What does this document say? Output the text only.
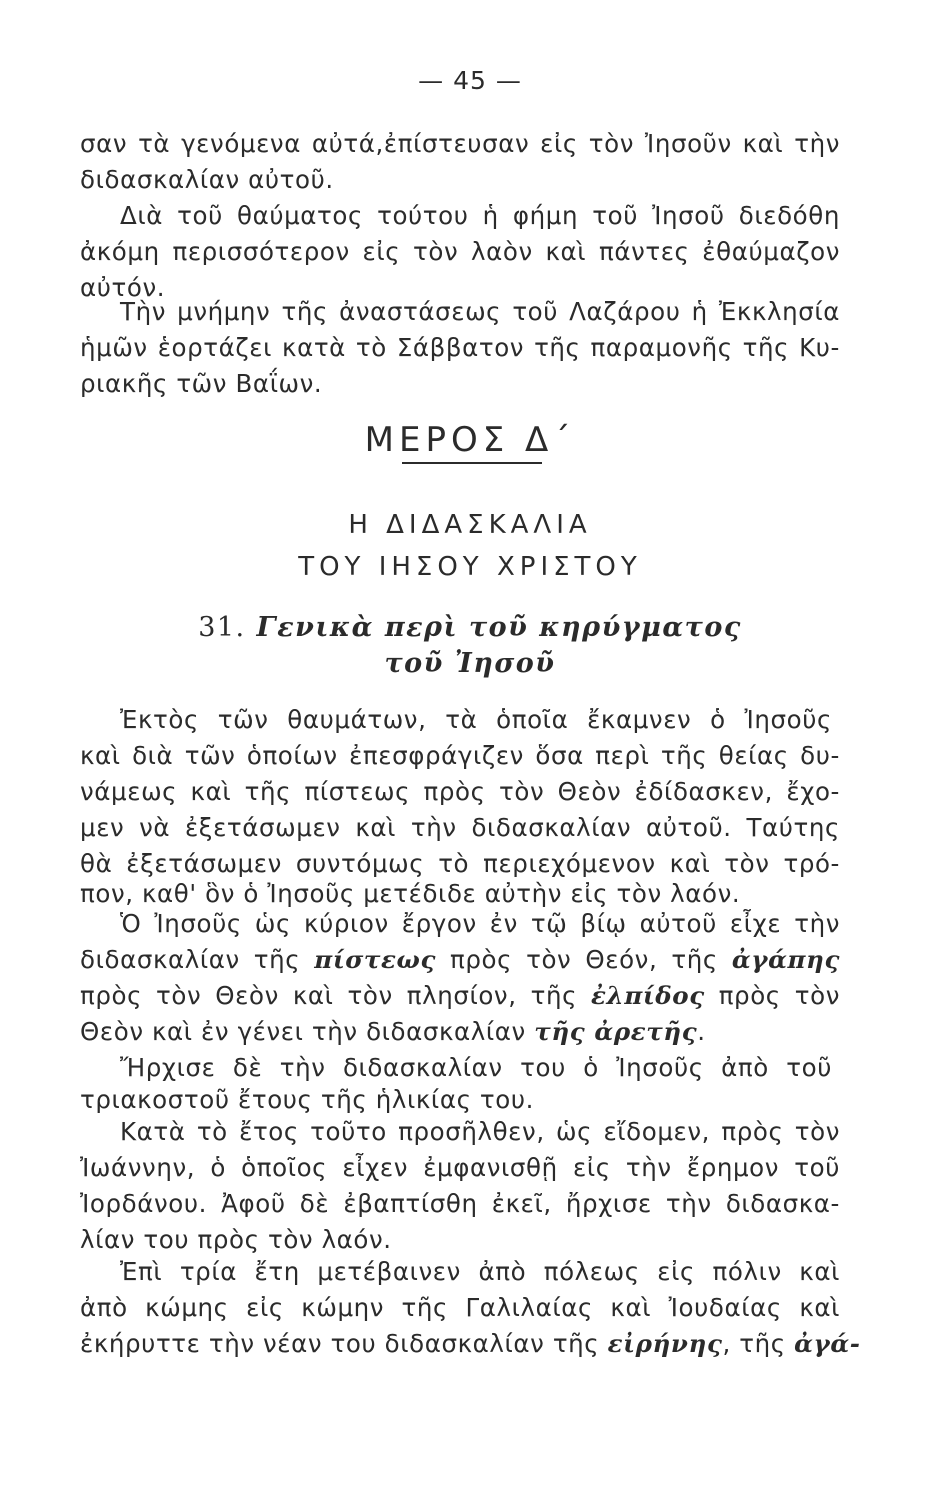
— 45 —
σαν τὰ γενόμενα αὐτά,ἐπίστευσαν εἰς τὸν Ἰησοῦν καὶ τὴν
διδασκαλίαν αὐτοῦ.
Διὰ τοῦ θαύματος τούτου ἡ φήμη τοῦ Ἰησοῦ διεδόθη
ἀκόμη περισσότερον εἰς τὸν λαὸν καὶ πάντες ἐθαύμαζον
αὐτόν.
Τὴν μνήμην τῆς ἀναστάσεως τοῦ Λαζάρου ἡ Ἐκκλησία
ἡμῶν ἑορτάζει κατὰ τὸ Σάββατον τῆς παραμονῆς τῆς Κυ-
ριακῆς τῶν Βαΐων.
ΜΕΡΟΣ Δ΄
Η ΔΙΔΑΣΚΑΛΙΑ
ΤΟΥ ΙΗΣΟΥ ΧΡΙΣΤΟΥ
31. Γενικὰ περὶ τοῦ κηρύγματος
τοῦ Ἰησοῦ
Ἐκτὸς τῶν θαυμάτων, τὰ ὁποῖα ἔκαμνεν ὁ Ἰησοῦς
καὶ διὰ τῶν ὁποίων ἐπεσφράγιζεν ὅσα περὶ τῆς θείας δυ-
νάμεως καὶ τῆς πίστεως πρὸς τὸν Θεὸν ἐδίδασκεν, ἔχο-
μεν νὰ ἐξετάσωμεν καὶ τὴν διδασκαλίαν αὐτοῦ. Ταύτης
θὰ ἐξετάσωμεν συντόμως τὸ περιεχόμενον καὶ τὸν τρό-
πον, καθ' ὃν ὁ Ἰησοῦς μετέδιδε αὐτὴν εἰς τὸν λαόν.
Ὁ Ἰησοῦς ὡς κύριον ἔργον ἐν τῷ βίῳ αὐτοῦ εἶχε τὴν
διδασκαλίαν τῆς πίστεως πρὸς τὸν Θεόν, τῆς ἀγάπης
πρὸς τὸν Θεὸν καὶ τὸν πλησίον, τῆς ἐλπίδος πρὸς τὸν
Θεὸν καὶ ἐν γένει τὴν διδασκαλίαν τῆς ἀρετῆς.
Ἤρχισε δὲ τὴν διδασκαλίαν του ὁ Ἰησοῦς ἀπὸ τοῦ
τριακοστοῦ ἔτους τῆς ἡλικίας του.
Κατὰ τὸ ἔτος τοῦτο προσῆλθεν, ὡς εἴδομεν, πρὸς τὸν
Ἰωάννην, ὁ ὁποῖος εἶχεν ἐμφανισθῇ εἰς τὴν ἔρημον τοῦ
Ἰορδάνου. Ἀφοῦ δὲ ἐβαπτίσθη ἐκεῖ, ἤρχισε τὴν διδασκα-
λίαν του πρὸς τὸν λαόν.
Ἐπὶ τρία ἔτη μετέβαινεν ἀπὸ πόλεως εἰς πόλιν καὶ
ἀπὸ κώμης εἰς κώμην τῆς Γαλιλαίας καὶ Ἰουδαίας καὶ
ἐκήρυττε τὴν νέαν του διδασκαλίαν τῆς εἰρήνης, τῆς ἀγά-
